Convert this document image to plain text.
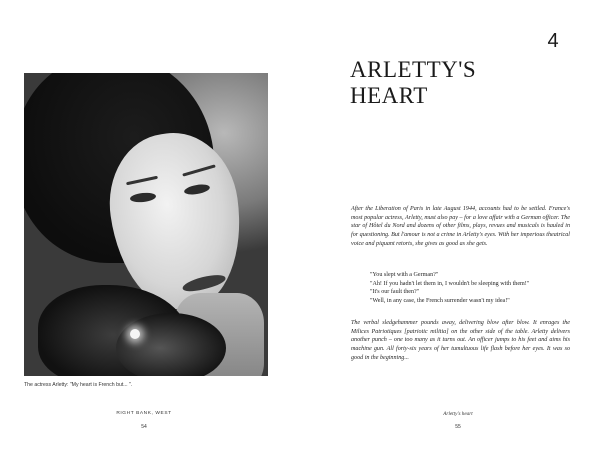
The actress Arletty: "My heart is French but... ".
RIGHT BANK, WEST
54
4
ARLETTY'S
HEART

After the Liberation of Paris in late August 1944, accounts had to be settled. France's most popular actress, Arletty, must also pay – for a love affair with a German officer. The star of Hôtel du Nord and dozens of other films, plays, revues and musicals is hauled in for questioning. But l'amour is not a crime in Arletty's eyes. With her imperious theatrical voice and piquant retorts, she gives as good as she gets.

"You slept with a German?"

"Ah! If you hadn't let them in, I wouldn't be sleeping with them!"

"It's our fault then?"

"Well, in any case, the French surrender wasn't my idea!"

The verbal sledgehammer pounds away, delivering blow after blow. It enrages the Milices Patriotiques [patriotic militia] on the other side of the table. Arletty delivers another punch – one too many as it turns out. An officer jumps to his feet and aims his machine gun. All forty-six years of her tumultuous life flash before her eyes. It was so good in the beginning...

Arletty's heart
55
